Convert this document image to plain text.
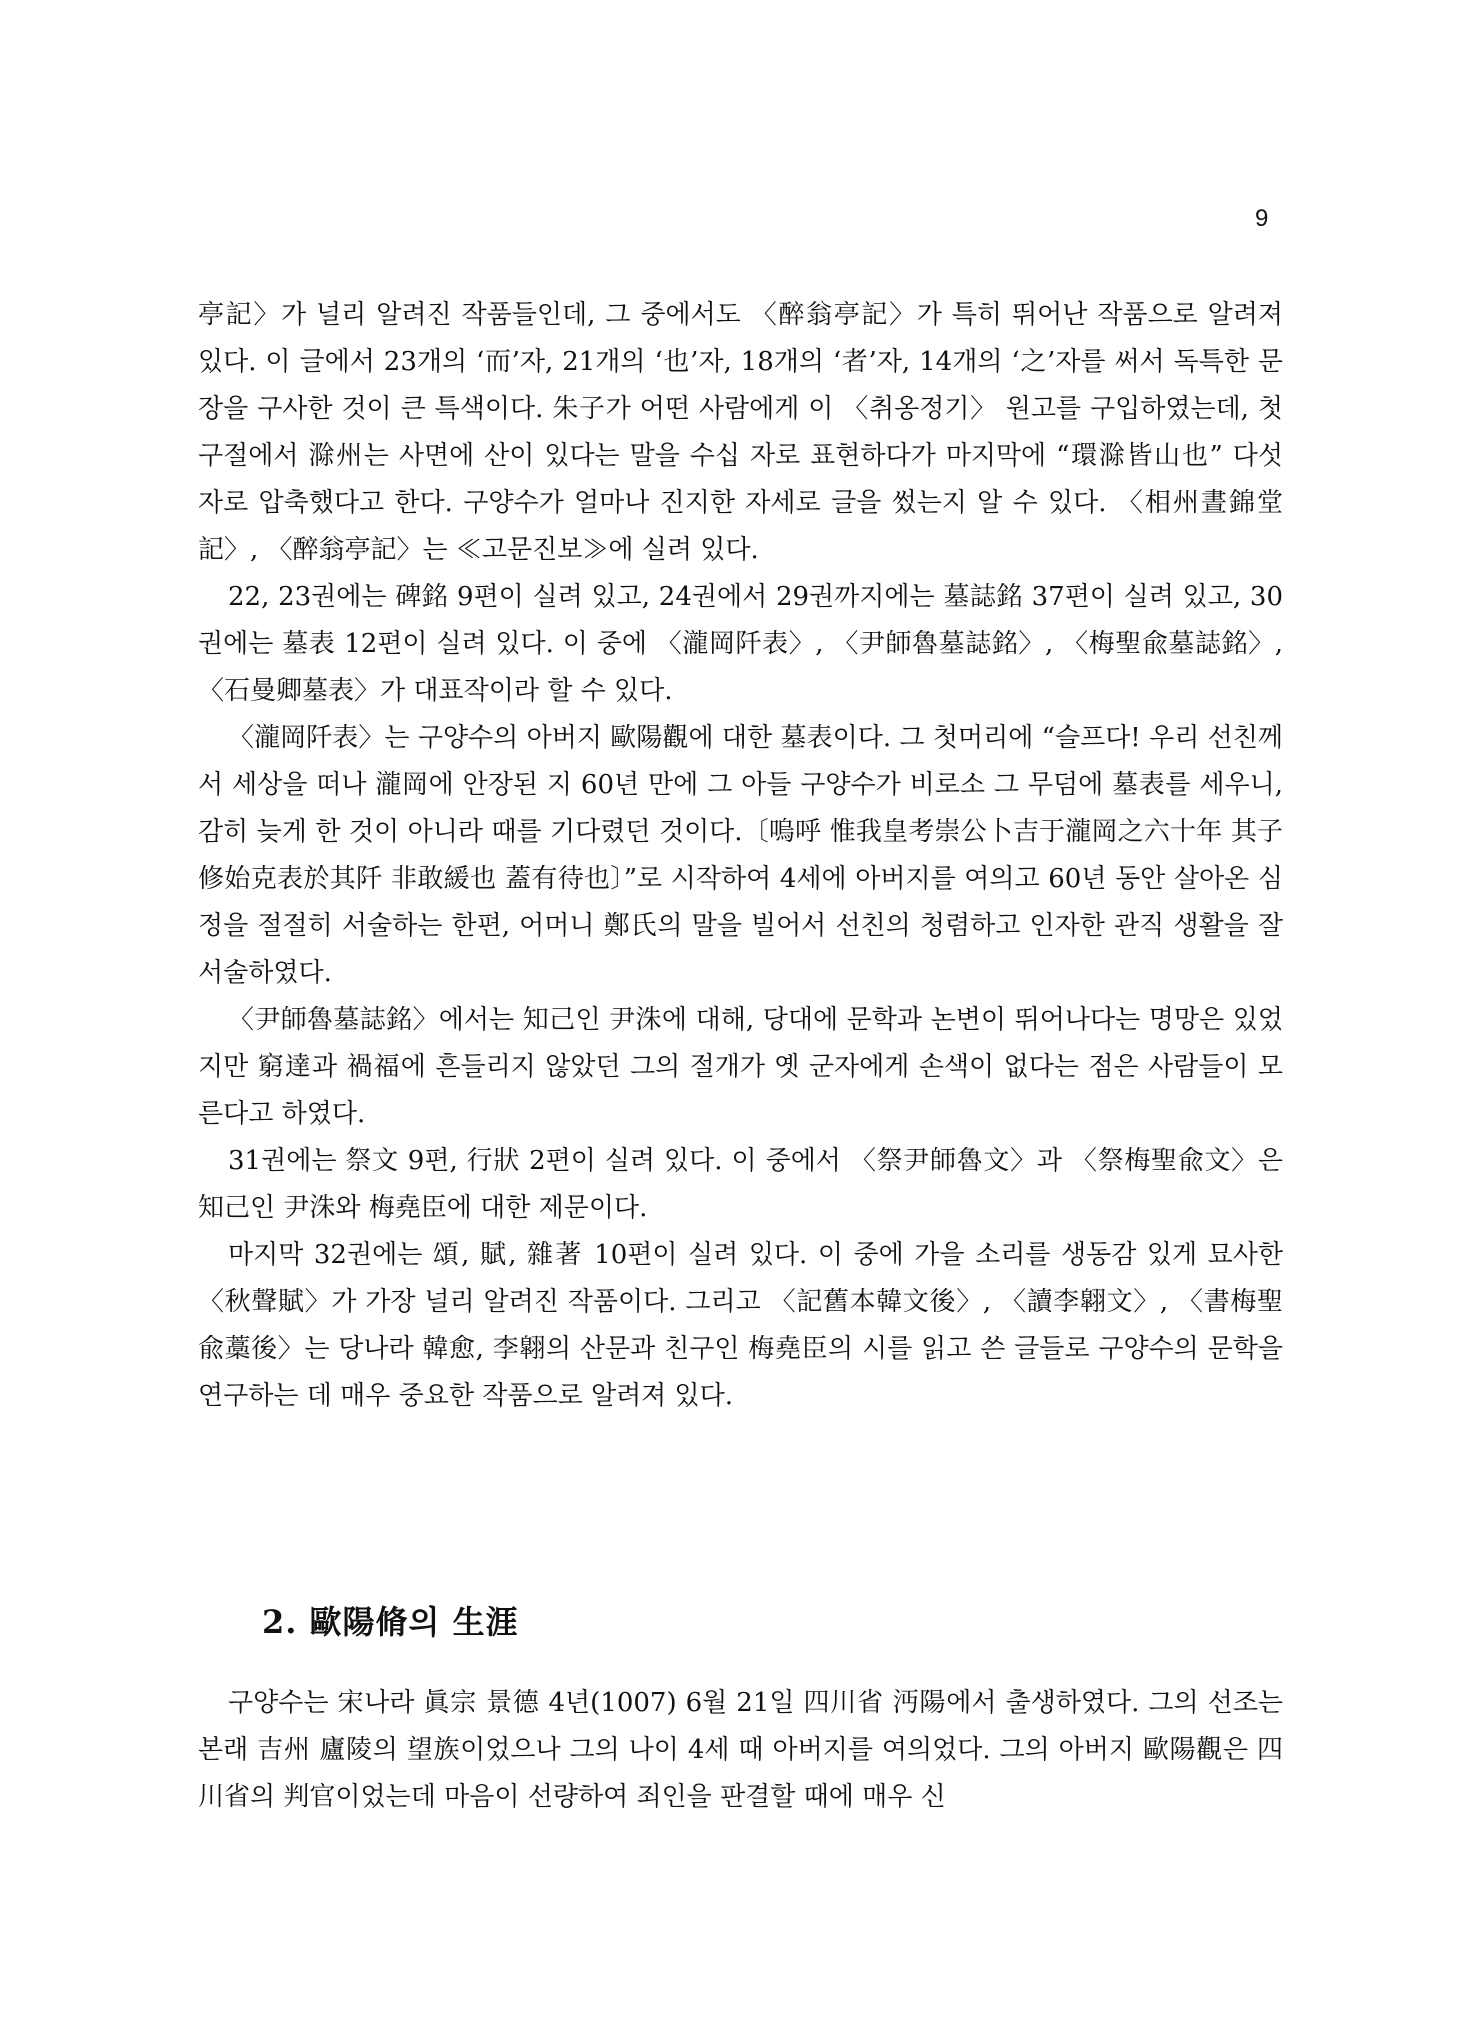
9

亭記〉가 널리 알려진 작품들인데, 그 중에서도 〈醉翁亭記〉가 특히 뛰어난 작품으로 알려져 있다. 이 글에서 23개의 ‘而’자, 21개의 ‘也’자, 18개의 ‘者’자, 14개의 ‘之’자를 써서 독특한 문장을 구사한 것이 큰 특색이다. 朱子가 어떤 사람에게 이 〈취옹정기〉 원고를 구입하였는데, 첫 구절에서 滁州는 사면에 산이 있다는 말을 수십 자로 표현하다가 마지막에 “環滁皆山也” 다섯 자로 압축했다고 한다. 구양수가 얼마나 진지한 자세로 글을 썼는지 알 수 있다. 〈相州晝錦堂記〉, 〈醉翁亭記〉는 ≪고문진보≫에 실려 있다.

22, 23권에는 碑銘 9편이 실려 있고, 24권에서 29권까지에는 墓誌銘 37편이 실려 있고, 30권에는 墓表 12편이 실려 있다. 이 중에 〈瀧岡阡表〉, 〈尹師魯墓誌銘〉, 〈梅聖兪墓誌銘〉, 〈石曼卿墓表〉가 대표작이라 할 수 있다.

〈瀧岡阡表〉는 구양수의 아버지 歐陽觀에 대한 墓表이다. 그 첫머리에 “슬프다! 우리 선친께서 세상을 떠나 瀧岡에 안장된 지 60년 만에 그 아들 구양수가 비로소 그 무덤에 墓表를 세우니, 감히 늦게 한 것이 아니라 때를 기다렸던 것이다.〔嗚呼 惟我皇考崇公卜吉于瀧岡之六十年 其子修始克表於其阡 非敢緩也 蓋有待也〕”로 시작하여 4세에 아버지를 여의고 60년 동안 살아온 심정을 절절히 서술하는 한편, 어머니 鄭氏의 말을 빌어서 선친의 청렴하고 인자한 관직 생활을 잘 서술하였다.

〈尹師魯墓誌銘〉에서는 知己인 尹洙에 대해, 당대에 문학과 논변이 뛰어나다는 명망은 있었지만 窮達과 禍福에 흔들리지 않았던 그의 절개가 옛 군자에게 손색이 없다는 점은 사람들이 모른다고 하였다.

31권에는 祭文 9편, 行狀 2편이 실려 있다. 이 중에서 〈祭尹師魯文〉과 〈祭梅聖兪文〉은 知己인 尹洙와 梅堯臣에 대한 제문이다.

마지막 32권에는 頌, 賦, 雜著 10편이 실려 있다. 이 중에 가을 소리를 생동감 있게 묘사한 〈秋聲賦〉가 가장 널리 알려진 작품이다. 그리고 〈記舊本韓文後〉, 〈讀李翶文〉, 〈書梅聖兪藁後〉는 당나라 韓愈, 李翶의 산문과 친구인 梅堯臣의 시를 읽고 쓴 글들로 구양수의 문학을 연구하는 데 매우 중요한 작품으로 알려져 있다.

2. 歐陽脩의 生涯

구양수는 宋나라 眞宗 景德 4년(1007) 6월 21일 四川省 沔陽에서 출생하였다. 그의 선조는 본래 吉州 廬陵의 望族이었으나 그의 나이 4세 때 아버지를 여의었다. 그의 아버지 歐陽觀은 四川省의 判官이었는데 마음이 선량하여 죄인을 판결할 때에 매우 신
